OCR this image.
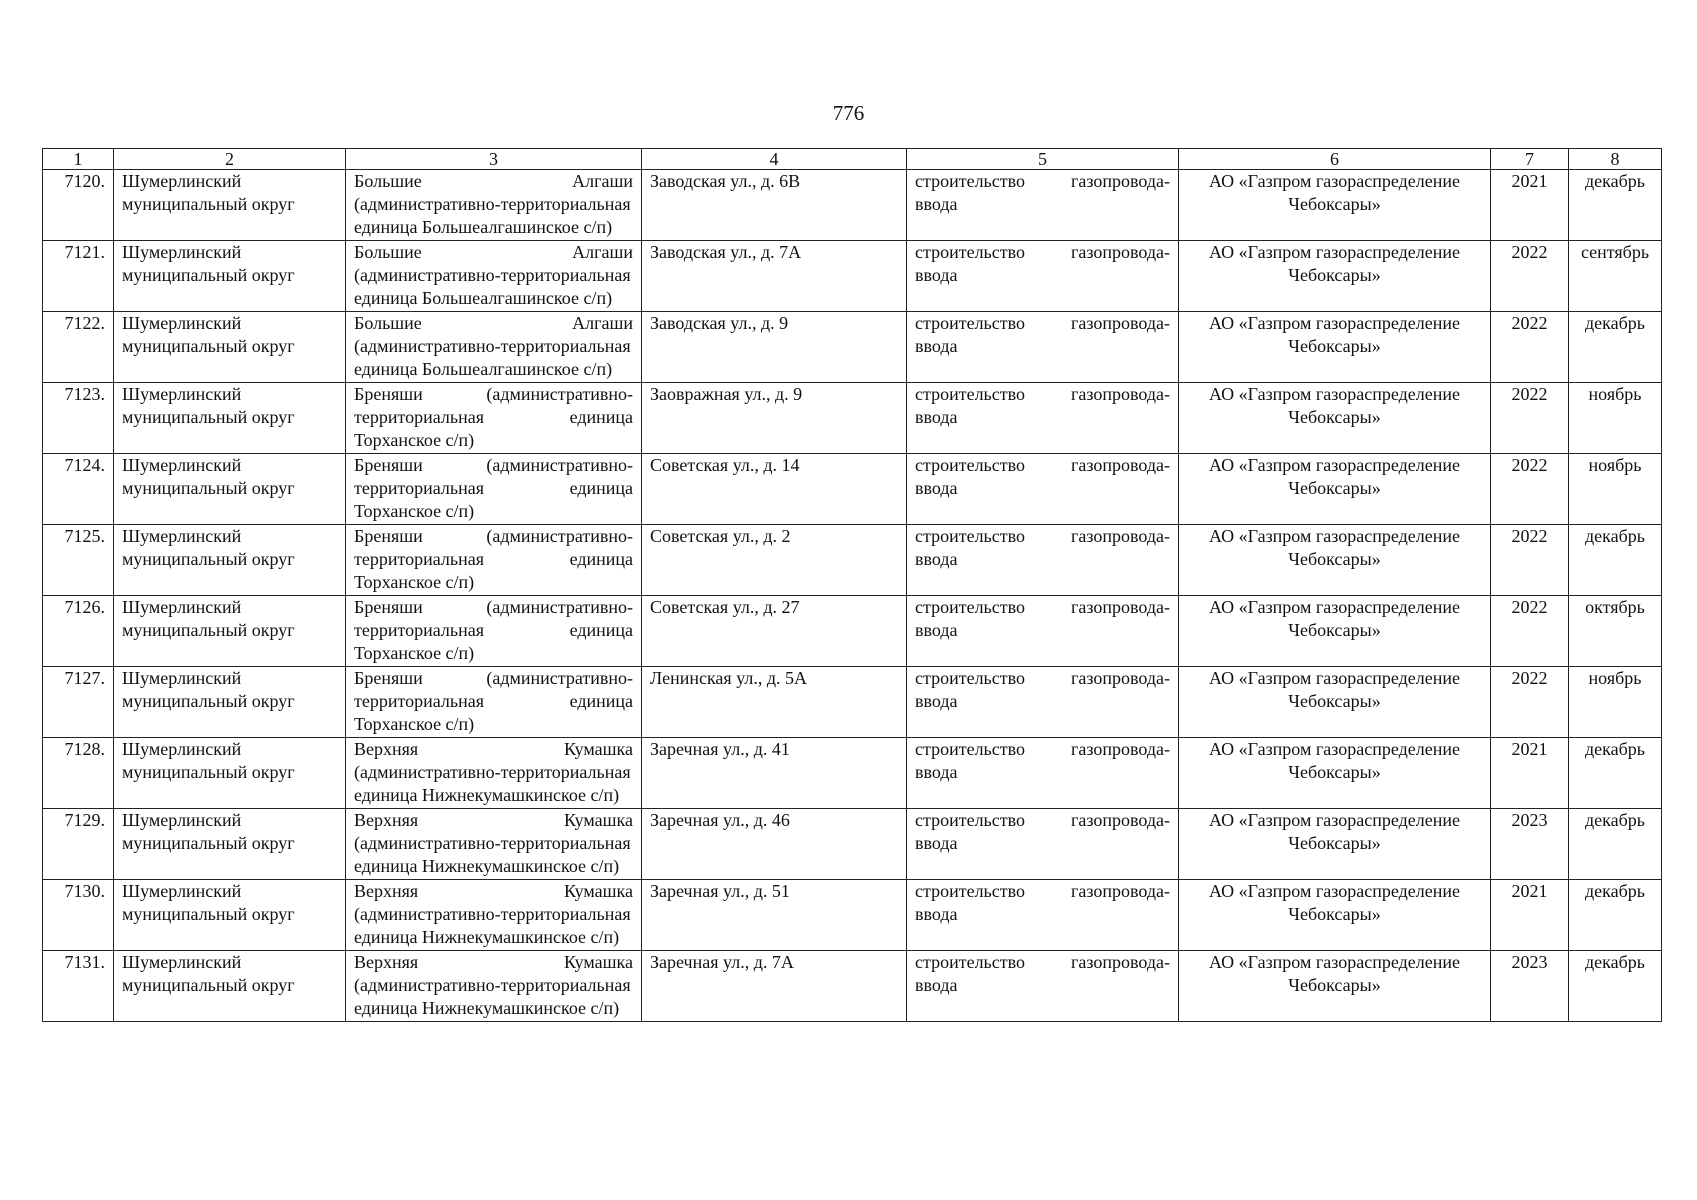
776
1	2	3	4	5	6	7	8
7120.	Шумерлинский муниципальный округ	Большие Алгаши (административно-территориальная единица Большеалгашинское с/п)	Заводская ул., д. 6В	строительство газопровода-ввода	АО «Газпром газораспределение Чебоксары»	2021	декабрь
7121.	Шумерлинский муниципальный округ	Большие Алгаши (административно-территориальная единица Большеалгашинское с/п)	Заводская ул., д. 7А	строительство газопровода-ввода	АО «Газпром газораспределение Чебоксары»	2022	сентябрь
7122.	Шумерлинский муниципальный округ	Большие Алгаши (административно-территориальная единица Большеалгашинское с/п)	Заводская ул., д. 9	строительство газопровода-ввода	АО «Газпром газораспределение Чебоксары»	2022	декабрь
7123.	Шумерлинский муниципальный округ	Бреняши (административно-территориальная единица Торханское с/п)	Заовражная ул., д. 9	строительство газопровода-ввода	АО «Газпром газораспределение Чебоксары»	2022	ноябрь
7124.	Шумерлинский муниципальный округ	Бреняши (административно-территориальная единица Торханское с/п)	Советская ул., д. 14	строительство газопровода-ввода	АО «Газпром газораспределение Чебоксары»	2022	ноябрь
7125.	Шумерлинский муниципальный округ	Бреняши (административно-территориальная единица Торханское с/п)	Советская ул., д. 2	строительство газопровода-ввода	АО «Газпром газораспределение Чебоксары»	2022	декабрь
7126.	Шумерлинский муниципальный округ	Бреняши (административно-территориальная единица Торханское с/п)	Советская ул., д. 27	строительство газопровода-ввода	АО «Газпром газораспределение Чебоксары»	2022	октябрь
7127.	Шумерлинский муниципальный округ	Бреняши (административно-территориальная единица Торханское с/п)	Ленинская ул., д. 5А	строительство газопровода-ввода	АО «Газпром газораспределение Чебоксары»	2022	ноябрь
7128.	Шумерлинский муниципальный округ	Верхняя Кумашка (административно-территориальная единица Нижнекумашкинское с/п)	Заречная ул., д. 41	строительство газопровода-ввода	АО «Газпром газораспределение Чебоксары»	2021	декабрь
7129.	Шумерлинский муниципальный округ	Верхняя Кумашка (административно-территориальная единица Нижнекумашкинское с/п)	Заречная ул., д. 46	строительство газопровода-ввода	АО «Газпром газораспределение Чебоксары»	2023	декабрь
7130.	Шумерлинский муниципальный округ	Верхняя Кумашка (административно-территориальная единица Нижнекумашкинское с/п)	Заречная ул., д. 51	строительство газопровода-ввода	АО «Газпром газораспределение Чебоксары»	2021	декабрь
7131.	Шумерлинский муниципальный округ	Верхняя Кумашка (административно-территориальная единица Нижнекумашкинское с/п)	Заречная ул., д. 7А	строительство газопровода-ввода	АО «Газпром газораспределение Чебоксары»	2023	декабрь
